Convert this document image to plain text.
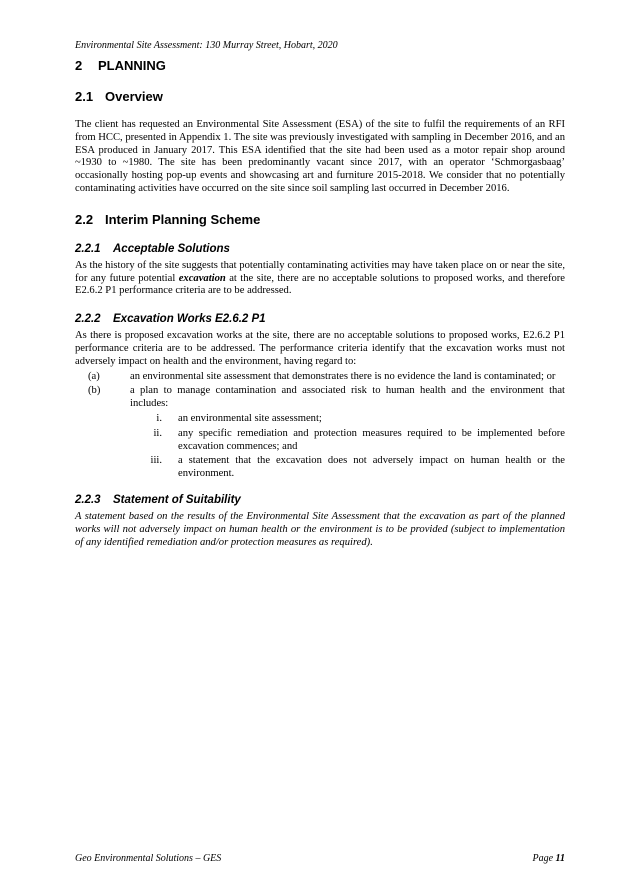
Environmental Site Assessment: 130 Murray Street, Hobart, 2020
2	PLANNING
2.1 Overview

The client has requested an Environmental Site Assessment (ESA) of the site to fulfil the requirements of an RFI from HCC, presented in Appendix 1. The site was previously investigated with sampling in December 2016, and an ESA produced in January 2017. This ESA identified that the site had been used as a motor repair shop around ~1930 to ~1980. The site has been predominantly vacant since 2017, with an operator ‘Schmorgasbaag’ occasionally hosting pop-up events and showcasing art and furniture 2015-2018. We consider that no potentially contaminating activities have occurred on the site since soil sampling last occurred in December 2016.

2.2 Interim Planning Scheme
2.2.1	Acceptable Solutions

As the history of the site suggests that potentially contaminating activities may have taken place on or near the site, for any future potential excavation at the site, there are no acceptable solutions to proposed works, and therefore E2.6.2 P1 performance criteria are to be addressed.

2.2.2	Excavation Works E2.6.2 P1

As there is proposed excavation works at the site, there are no acceptable solutions to proposed works, E2.6.2 P1 performance criteria are to be addressed. The performance criteria identify that the excavation works must not adversely impact on health and the environment, having regard to:

(a)	an environmental site assessment that demonstrates there is no evidence the land is contaminated; or
(b)	a plan to manage contamination and associated risk to human health and the environment that includes:
i.	an environmental site assessment;
ii.	any specific remediation and protection measures required to be implemented before excavation commences; and
iii.	a statement that the excavation does not adversely impact on human health or the environment.
2.2.3	Statement of Suitability

A statement based on the results of the Environmental Site Assessment that the excavation as part of the planned works will not adversely impact on human health or the environment is to be provided (subject to implementation of any identified remediation and/or protection measures as required).

Geo Environmental Solutions – GES	Page 11
